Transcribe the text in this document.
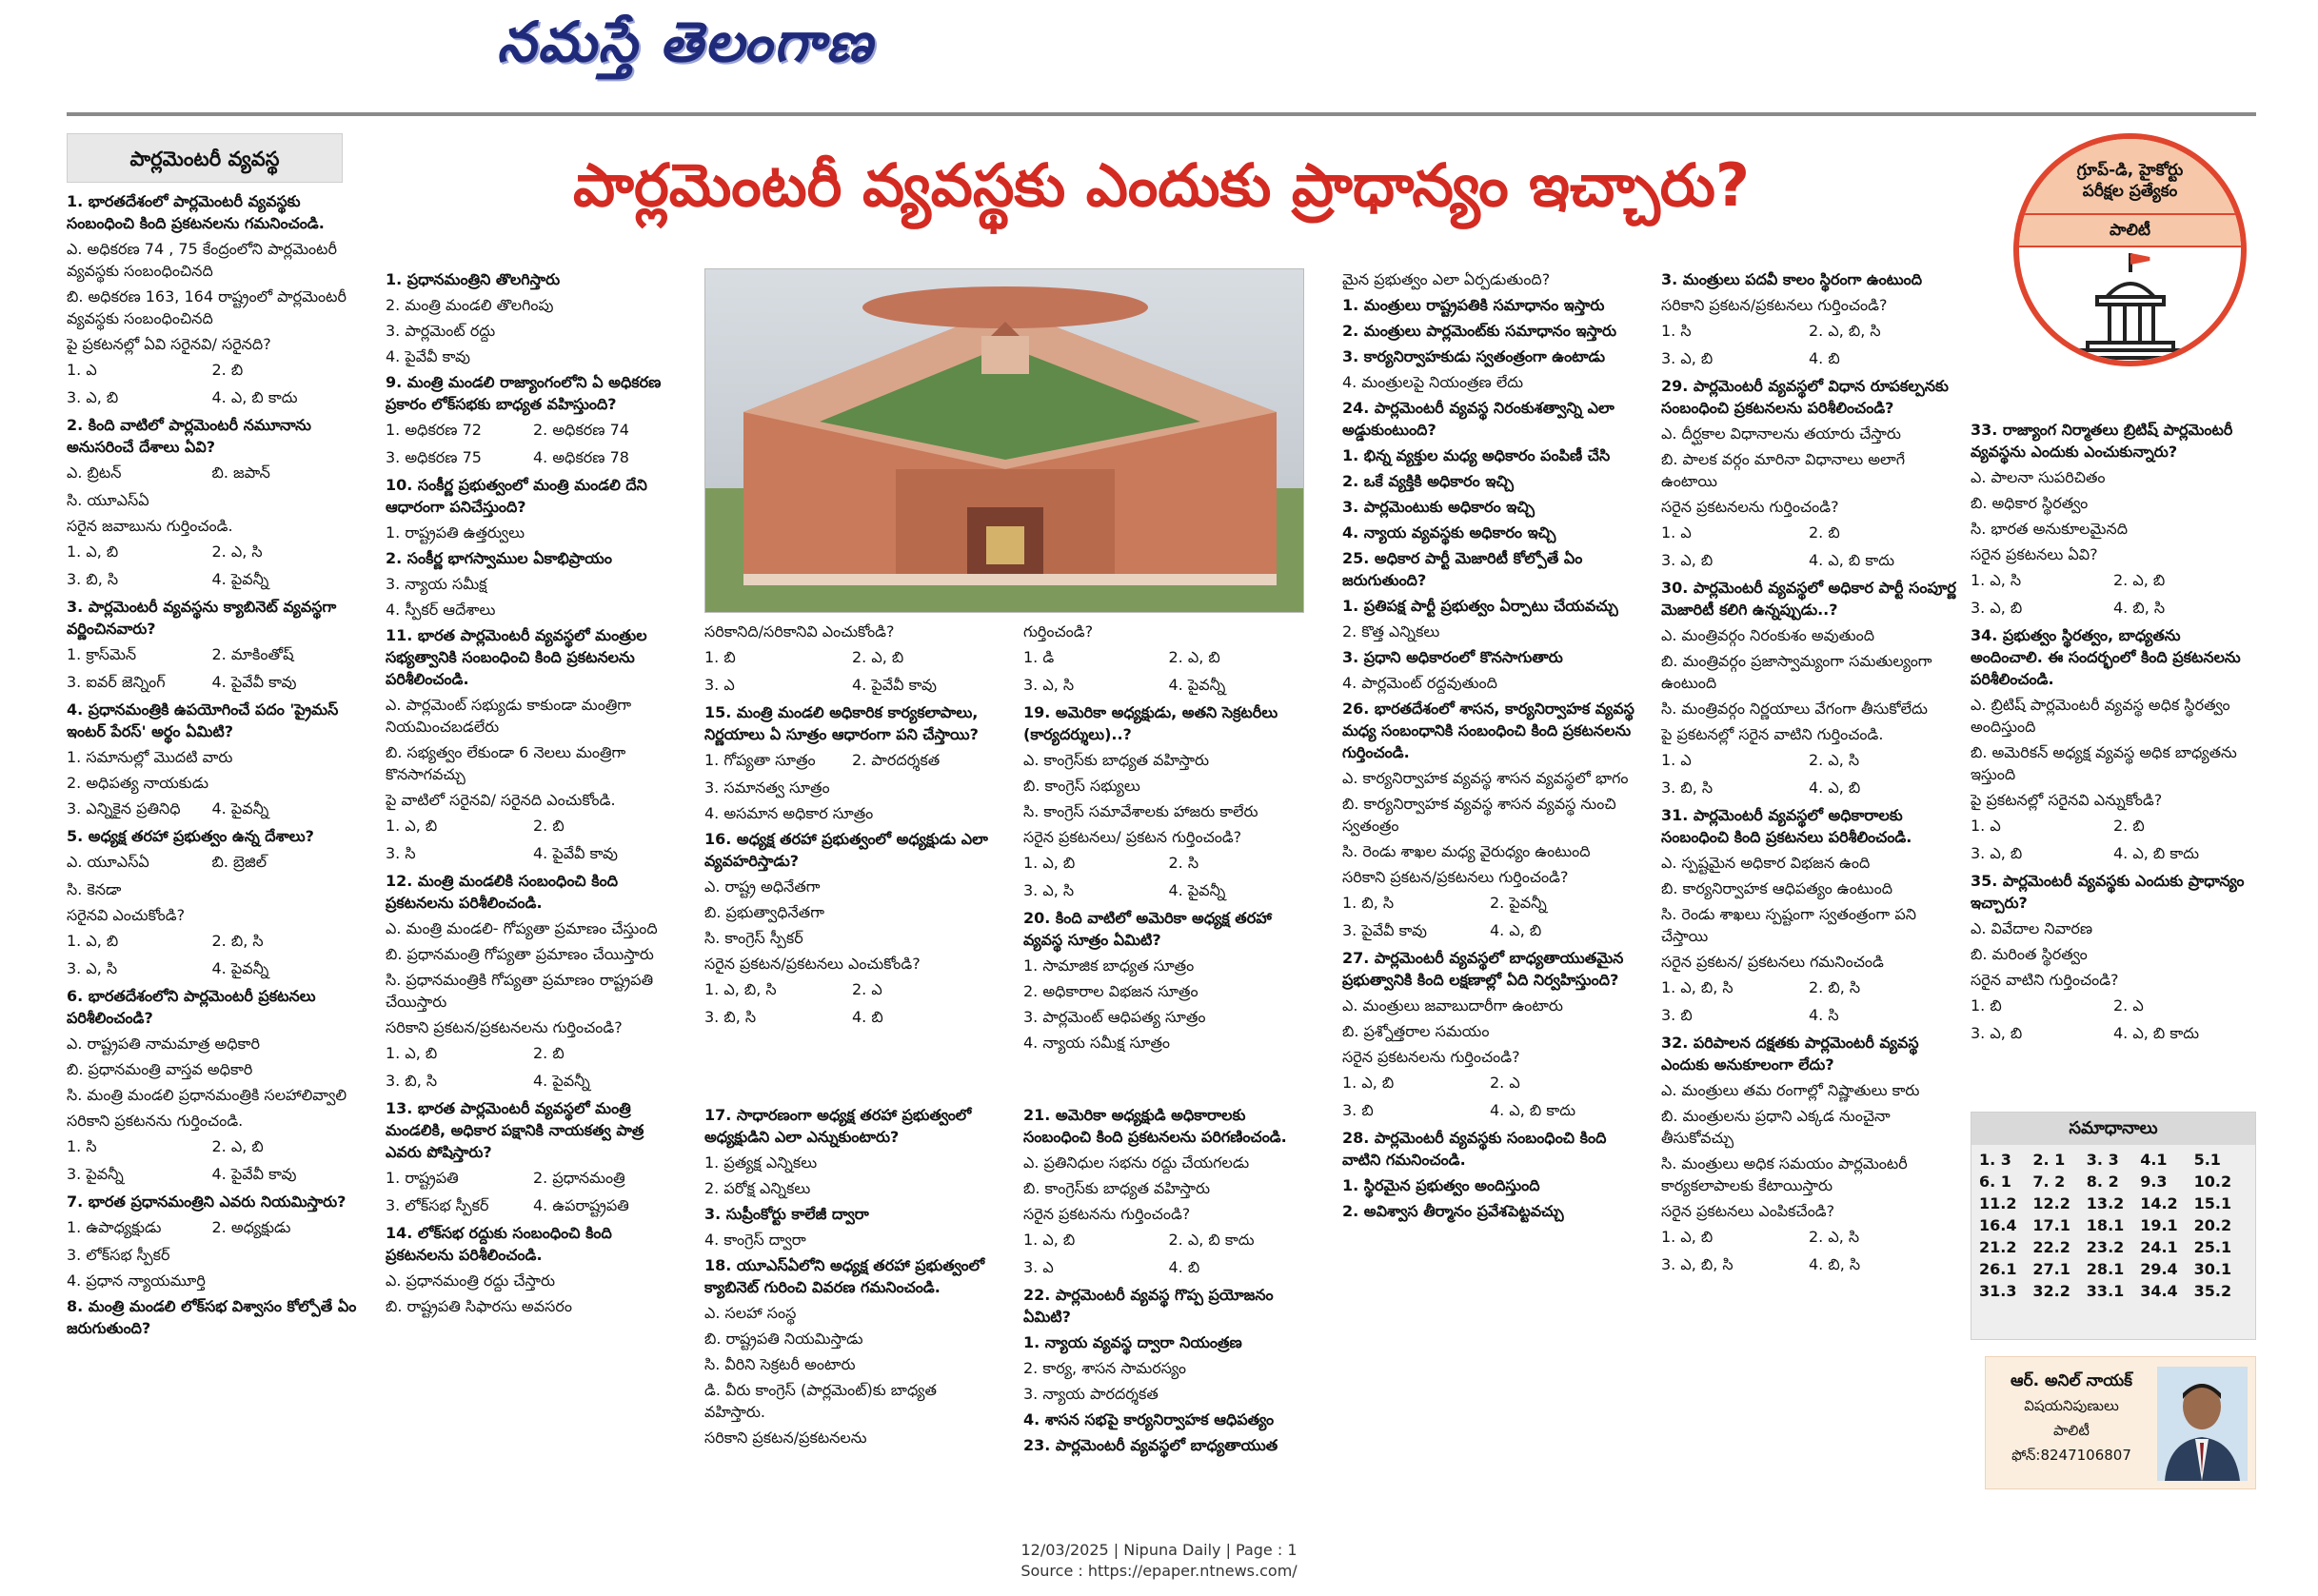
నమస్తే తెలంగాణ
పార్లమెంటరీ వ్యవస్థ	పార్లమెంటరీ వ్యవస్థకు ఎందుకు ప్రాధాన్యం ఇచ్చారు?	గ్రూప్-డి, హైకోర్టు
పరీక్షల ప్రత్యేకం
పాలిటీ

1. భారతదేశంలో పార్లమెంటరీ వ్యవస్థకు సంబంధించి కింది ప్రకటనలను గమనించండి.

ఎ. అధికరణ 74 , 75 కేంద్రంలోని పార్లమెంటరీ వ్యవస్థకు సంబంధించినది

బి. అధికరణ 163, 164 రాష్ట్రంలో పార్లమెంటరీ వ్యవస్థకు సంబంధించినది

పై ప్రకటనల్లో ఏవి సరైనవి/ సరైనది?

1. ఎ	2. బి
3. ఎ, బి	4. ఎ, బి కాదు

2. కింది వాటిలో పార్లమెంటరీ నమూనాను అనుసరించే దేశాలు ఏవి?

ఎ. బ్రిటన్	బి. జపాన్

సి. యూఎస్ఏ

సరైన జవాబును గుర్తించండి.

1. ఎ, బి	2. ఎ, సి
3. బి, సి	4. పైవన్నీ

3. పార్లమెంటరీ వ్యవస్థను క్యాబినెట్ వ్యవస్థగా వర్ణించినవారు?

1. క్రాస్‌మెన్	2. మాకింతోష్
3. ఐవర్ జెన్నింగ్	4. పైవేవీ కావు

4. ప్రధానమంత్రికి ఉపయోగించే పదం 'ప్రైమస్ ఇంటర్ పేరస్' అర్థం ఏమిటి?

1. సమానుల్లో మొదటి వారు

2. అధిపత్య నాయకుడు

3. ఎన్నికైన ప్రతినిధి	4. పైవన్నీ

5. అధ్యక్ష తరహా ప్రభుత్వం ఉన్న దేశాలు?

ఎ. యూఎస్ఏ	బి. బ్రెజిల్

సి. కెనడా

సరైనవి ఎంచుకోండి?

1. ఎ, బి	2. బి, సి
3. ఎ, సి	4. పైవన్నీ

6. భారతదేశంలోని పార్లమెంటరీ ప్రకటనలు పరిశీలించండి?

ఎ. రాష్ట్రపతి నామమాత్ర అధికారి

బి. ప్రధానమంత్రి వాస్తవ అధికారి

సి. మంత్రి మండలి ప్రధానమంత్రికి సలహాలివ్వాలి

సరికాని ప్రకటనను గుర్తించండి.

1. సి	2. ఎ, బి
3. పైవన్నీ	4. పైవేవీ కావు

7. భారత ప్రధానమంత్రిని ఎవరు నియమిస్తారు?

1. ఉపాధ్యక్షుడు	2. అధ్యక్షుడు

3. లోక్‌సభ స్పీకర్

4. ప్రధాన న్యాయమూర్తి

8. మంత్రి మండలి లోక్‌సభ విశ్వాసం కోల్పోతే ఏం జరుగుతుంది?

1. ప్రధానమంత్రిని తొలగిస్తారు

2. మంత్రి మండలి తొలగింపు

3. పార్లమెంట్ రద్దు

4. పైవేవీ కావు

9. మంత్రి మండలి రాజ్యాంగంలోని ఏ అధికరణ ప్రకారం లోక్‌సభకు బాధ్యత వహిస్తుంది?

1. అధికరణ 72	2. అధికరణ 74
3. అధికరణ 75	4. అధికరణ 78

10. సంకీర్ణ ప్రభుత్వంలో మంత్రి మండలి దేని ఆధారంగా పనిచేస్తుంది?

1. రాష్ట్రపతి ఉత్తర్వులు

2. సంకీర్ణ భాగస్వాముల ఏకాభిప్రాయం

3. న్యాయ సమీక్ష

4. స్పీకర్ ఆదేశాలు

11. భారత పార్లమెంటరీ వ్యవస్థలో మంత్రుల సభ్యత్వానికి సంబంధించి కింది ప్రకటనలను పరిశీలించండి.

ఎ. పార్లమెంట్ సభ్యుడు కాకుండా మంత్రిగా నియమించబడలేరు

బి. సభ్యత్వం లేకుండా 6 నెలలు మంత్రిగా కొనసాగవచ్చు

పై వాటిలో సరైనవి/ సరైనది ఎంచుకోండి.

1. ఎ, బి	2. బి
3. సి	4. పైవేవీ కావు

12. మంత్రి మండలికి సంబంధించి కింది ప్రకటనలను పరిశీలించండి.

ఎ. మంత్రి మండలి- గోప్యతా ప్రమాణం చేస్తుంది

బి. ప్రధానమంత్రి గోప్యతా ప్రమాణం చేయిస్తారు

సి. ప్రధానమంత్రికి గోప్యతా ప్రమాణం రాష్ట్రపతి చేయిస్తారు

సరికాని ప్రకటన/ప్రకటనలను గుర్తించండి?

1. ఎ, బి	2. బి
3. బి, సి	4. పైవన్నీ

13. భారత పార్లమెంటరీ వ్యవస్థలో మంత్రి మండలికి, అధికార పక్షానికి నాయకత్వ పాత్ర ఎవరు పోషిస్తారు?

1. రాష్ట్రపతి	2. ప్రధానమంత్రి
3. లోక్‌సభ స్పీకర్	4. ఉపరాష్ట్రపతి

14. లోక్‌సభ రద్దుకు సంబంధించి కింది ప్రకటనలను పరిశీలించండి.

ఎ. ప్రధానమంత్రి రద్దు చేస్తారు

బి. రాష్ట్రపతి సిఫారసు అవసరం

సరికానిది/సరికానివి ఎంచుకోండి?

1. బి	2. ఎ, బి
3. ఎ	4. పైవేవీ కావు

15. మంత్రి మండలి అధికారిక కార్యకలాపాలు, నిర్ణయాలు ఏ సూత్రం ఆధారంగా పని చేస్తాయి?

1. గోప్యతా సూత్రం	2. పారదర్శకత

3. సమానత్వ సూత్రం

4. అసమాన అధికార సూత్రం

16. అధ్యక్ష తరహా ప్రభుత్వంలో అధ్యక్షుడు ఎలా వ్యవహరిస్తాడు?

ఎ. రాష్ట్ర అధినేతగా

బి. ప్రభుత్వాధినేతగా

సి. కాంగ్రెస్ స్పీకర్

సరైన ప్రకటన/ప్రకటనలు ఎంచుకోండి?

1. ఎ, బి, సి	2. ఎ
3. బి, సి	4. బి

గుర్తించండి?

1. డి	2. ఎ, బి
3. ఎ, సి	4. పైవన్నీ

19. అమెరికా అధ్యక్షుడు, అతని సెక్రటరీలు (కార్యదర్శులు)..?

ఎ. కాంగ్రెస్‌కు బాధ్యత వహిస్తారు

బి. కాంగ్రెస్ సభ్యులు

సి. కాంగ్రెస్ సమావేశాలకు హాజరు కాలేరు

సరైన ప్రకటనలు/ ప్రకటన గుర్తించండి?

1. ఎ, బి	2. సి
3. ఎ, సి	4. పైవన్నీ

20. కింది వాటిలో అమెరికా అధ్యక్ష తరహా వ్యవస్థ సూత్రం ఏమిటి?

1. సామాజిక బాధ్యత సూత్రం

2. అధికారాల విభజన సూత్రం

3. పార్లమెంట్ ఆధిపత్య సూత్రం

4. న్యాయ సమీక్ష సూత్రం

17. సాధారణంగా అధ్యక్ష తరహా ప్రభుత్వంలో అధ్యక్షుడిని ఎలా ఎన్నుకుంటారు?

1. ప్రత్యక్ష ఎన్నికలు

2. పరోక్ష ఎన్నికలు

3. సుప్రీంకోర్టు కాలేజీ ద్వారా

4. కాంగ్రెస్ ద్వారా

18. యూఎస్ఏలోని అధ్యక్ష తరహా ప్రభుత్వంలో క్యాబినెట్ గురించి వివరణ గమనించండి.

ఎ. సలహా సంస్థ

బి. రాష్ట్రపతి నియమిస్తాడు

సి. వీరిని సెక్రటరీ అంటారు

డి. వీరు కాంగ్రెస్ (పార్లమెంట్)కు బాధ్యత వహిస్తారు.

సరికాని ప్రకటన/ప్రకటనలను

21. అమెరికా అధ్యక్షుడి అధికారాలకు సంబంధించి కింది ప్రకటనలను పరిగణించండి.

ఎ. ప్రతినిధుల సభను రద్దు చేయగలడు

బి. కాంగ్రెస్‌కు బాధ్యత వహిస్తారు

సరైన ప్రకటనను గుర్తించండి?

1. ఎ, బి	2. ఎ, బి కాదు
3. ఎ	4. బి

22. పార్లమెంటరీ వ్యవస్థ గొప్ప ప్రయోజనం ఏమిటి?

1. న్యాయ వ్యవస్థ ద్వారా నియంత్రణ

2. కార్య, శాసన సామరస్యం

3. న్యాయ పారదర్శకత

4. శాసన సభపై కార్యనిర్వాహక ఆధిపత్యం

23. పార్లమెంటరీ వ్యవస్థలో బాధ్యతాయుత

మైన ప్రభుత్వం ఎలా ఏర్పడుతుంది?

1. మంత్రులు రాష్ట్రపతికి సమాధానం ఇస్తారు

2. మంత్రులు పార్లమెంట్‌కు సమాధానం ఇస్తారు

3. కార్యనిర్వాహకుడు స్వతంత్రంగా ఉంటాడు

4. మంత్రులపై నియంత్రణ లేదు

24. పార్లమెంటరీ వ్యవస్థ నిరంకుశత్వాన్ని ఎలా అడ్డుకుంటుంది?

1. భిన్న వ్యక్తుల మధ్య అధికారం పంపిణీ చేసి

2. ఒకే వ్యక్తికి అధికారం ఇచ్చి

3. పార్లమెంటుకు అధికారం ఇచ్చి

4. న్యాయ వ్యవస్థకు అధికారం ఇచ్చి

25. అధికార పార్టీ మెజారిటీ కోల్పోతే ఏం జరుగుతుంది?

1. ప్రతిపక్ష పార్టీ ప్రభుత్వం ఏర్పాటు చేయవచ్చు

2. కొత్త ఎన్నికలు

3. ప్రధాని అధికారంలో కొనసాగుతారు

4. పార్లమెంట్ రద్దవుతుంది

26. భారతదేశంలో శాసన, కార్యనిర్వాహక వ్యవస్థ మధ్య సంబంధానికి సంబంధించి కింది ప్రకటనలను గుర్తించండి.

ఎ. కార్యనిర్వాహక వ్యవస్థ శాసన వ్యవస్థలో భాగం

బి. కార్యనిర్వాహక వ్యవస్థ శాసన వ్యవస్థ నుంచి స్వతంత్రం

సి. రెండు శాఖల మధ్య వైరుధ్యం ఉంటుంది

సరికాని ప్రకటన/ప్రకటనలు గుర్తించండి?

1. బి, సి	2. పైవన్నీ
3. పైవేవీ కావు	4. ఎ, బి

27. పార్లమెంటరీ వ్యవస్థలో బాధ్యతాయుతమైన ప్రభుత్వానికి కింది లక్షణాల్లో ఏది నిర్వహిస్తుంది?

ఎ. మంత్రులు జవాబుదారీగా ఉంటారు

బి. ప్రశ్నోత్తరాల సమయం

సరైన ప్రకటనలను గుర్తించండి?

1. ఎ, బి	2. ఎ
3. బి	4. ఎ, బి కాదు

28. పార్లమెంటరీ వ్యవస్థకు సంబంధించి కింది వాటిని గమనించండి.

1. స్థిరమైన ప్రభుత్వం అందిస్తుంది

2. అవిశ్వాస తీర్మానం ప్రవేశపెట్టవచ్చు

3. మంత్రులు పదవీ కాలం స్థిరంగా ఉంటుంది

సరికాని ప్రకటన/ప్రకటనలు గుర్తించండి?

1. సి	2. ఎ, బి, సి
3. ఎ, బి	4. బి

29. పార్లమెంటరీ వ్యవస్థలో విధాన రూపకల్పనకు సంబంధించి ప్రకటనలను పరిశీలించండి?

ఎ. దీర్ఘకాల విధానాలను తయారు చేస్తారు

బి. పాలక వర్గం మారినా విధానాలు అలాగే ఉంటాయి

సరైన ప్రకటనలను గుర్తించండి?

1. ఎ	2. బి
3. ఎ, బి	4. ఎ, బి కాదు

30. పార్లమెంటరీ వ్యవస్థలో అధికార పార్టీ సంపూర్ణ మెజారిటీ కలిగి ఉన్నప్పుడు..?

ఎ. మంత్రివర్గం నిరంకుశం అవుతుంది

బి. మంత్రివర్గం ప్రజాస్వామ్యంగా సమతుల్యంగా ఉంటుంది

సి. మంత్రివర్గం నిర్ణయాలు వేగంగా తీసుకోలేదు

పై ప్రకటనల్లో సరైన వాటిని గుర్తించండి.

1. ఎ	2. ఎ, సి
3. బి, సి	4. ఎ, బి

31. పార్లమెంటరీ వ్యవస్థలో అధికారాలకు సంబంధించి కింది ప్రకటనలు పరిశీలించండి.

ఎ. స్పష్టమైన అధికార విభజన ఉంది

బి. కార్యనిర్వాహక ఆధిపత్యం ఉంటుంది

సి. రెండు శాఖలు స్పష్టంగా స్వతంత్రంగా పని చేస్తాయి

సరైన ప్రకటన/ ప్రకటనలు గమనించండి

1. ఎ, బి, సి	2. బి, సి
3. బి	4. సి

32. పరిపాలన దక్షతకు పార్లమెంటరీ వ్యవస్థ ఎందుకు అనుకూలంగా లేదు?

ఎ. మంత్రులు తమ రంగాల్లో నిష్ణాతులు కారు

బి. మంత్రులను ప్రధాని ఎక్కడ నుంచైనా తీసుకోవచ్చు

సి. మంత్రులు అధిక సమయం పార్లమెంటరీ కార్యకలాపాలకు కేటాయిస్తారు

సరైన ప్రకటనలు ఎంపికచేండి?

1. ఎ, బి	2. ఎ, సి
3. ఎ, బి, సి	4. బి, సి

33. రాజ్యాంగ నిర్మాతలు బ్రిటిష్ పార్లమెంటరీ వ్యవస్థను ఎందుకు ఎంచుకున్నారు?

ఎ. పాలనా సుపరిచితం

బి. అధికార స్థిరత్వం

సి. భారత అనుకూలమైనది

సరైన ప్రకటనలు ఏవి?

1. ఎ, సి	2. ఎ, బి
3. ఎ, బి	4. బి, సి

34. ప్రభుత్వం స్థిరత్వం, బాధ్యతను అందించాలి. ఈ సందర్భంలో కింది ప్రకటనలను పరిశీలించండి.

ఎ. బ్రిటిష్ పార్లమెంటరీ వ్యవస్థ అధిక స్థిరత్వం అందిస్తుంది

బి. అమెరికన్ అధ్యక్ష వ్యవస్థ అధిక బాధ్యతను ఇస్తుంది

పై ప్రకటనల్లో సరైనవి ఎన్నుకోండి?

1. ఎ	2. బి
3. ఎ, బి	4. ఎ, బి కాదు

35. పార్లమెంటరీ వ్యవస్థకు ఎందుకు ప్రాధాన్యం ఇచ్చారు?

ఎ. వివేదాల నివారణ

బి. మరింత స్థిరత్వం

సరైన వాటిని గుర్తించండి?

1. బి	2. ఎ
3. ఎ, బి	4. ఎ, బి కాదు
సమాధానాలు
1. 3	2. 1	3. 3	4.1	5.1
6. 1	7. 2	8. 2	9.3	10.2
11.2	12.2	13.2	14.2	15.1
16.4	17.1	18.1	19.1	20.2
21.2	22.2	23.2	24.1	25.1
26.1	27.1	28.1	29.4	30.1
31.3	32.2	33.1	34.4	35.2
ఆర్. అనిల్ నాయక్
విషయనిపుణులు
పాలిటీ
ఫోన్:8247106807
12/03/2025 | Nipuna Daily | Page : 1
Source : https://epaper.ntnews.com/
